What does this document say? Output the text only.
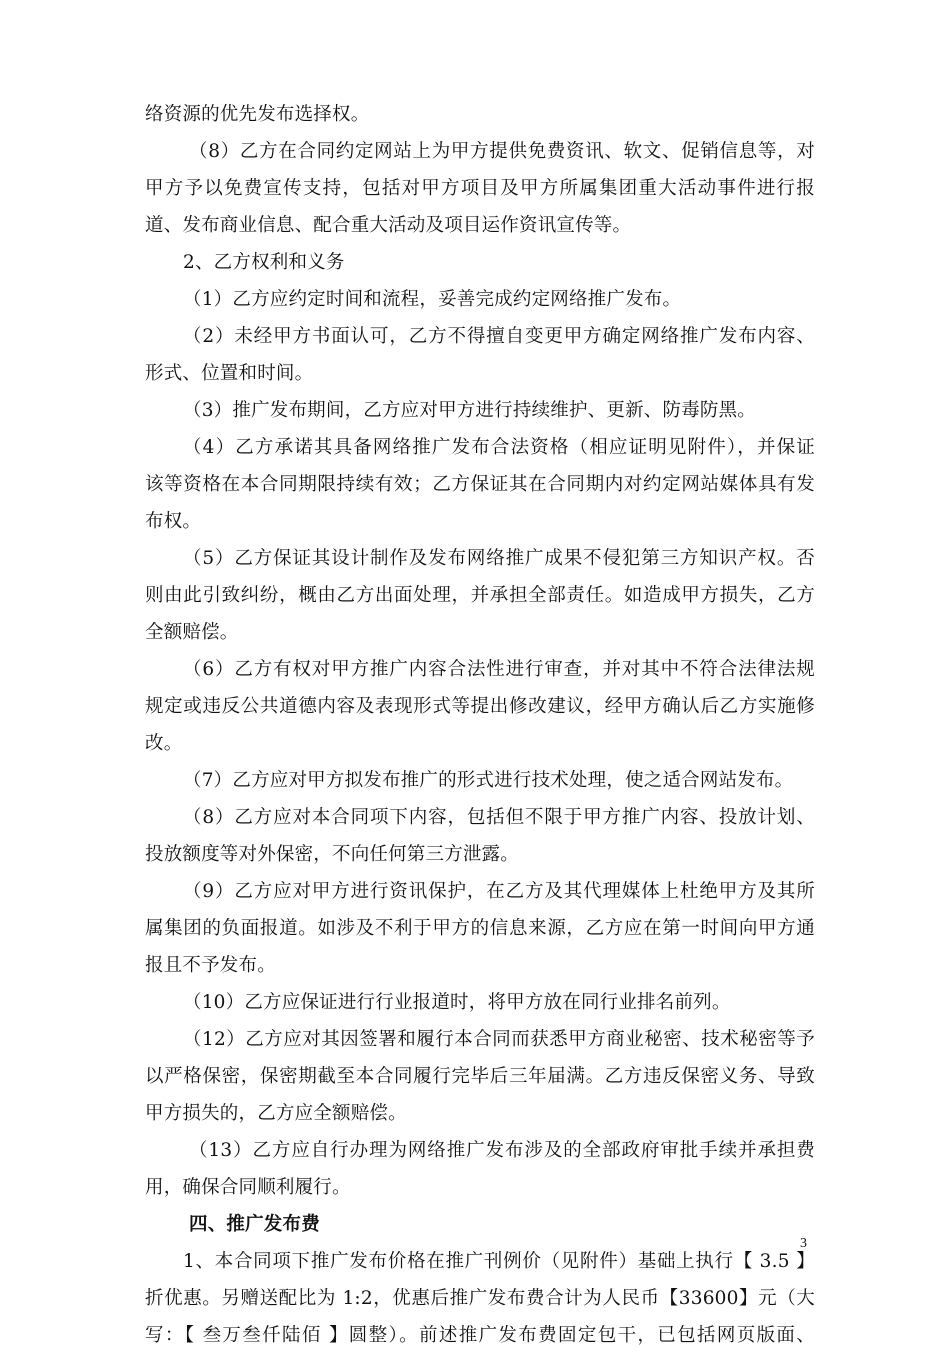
络资源的优先发布选择权。
（8）乙方在合同约定网站上为甲方提供免费资讯、软文、促销信息等，对
甲方予以免费宣传支持，包括对甲方项目及甲方所属集团重大活动事件进行报
道、发布商业信息、配合重大活动及项目运作资讯宣传等。
2、乙方权利和义务
（1）乙方应约定时间和流程，妥善完成约定网络推广发布。
（2）未经甲方书面认可，乙方不得擅自变更甲方确定网络推广发布内容、
形式、位置和时间。
（3）推广发布期间，乙方应对甲方进行持续维护、更新、防毒防黑。
（4）乙方承诺其具备网络推广发布合法资格（相应证明见附件），并保证
该等资格在本合同期限持续有效；乙方保证其在合同期内对约定网站媒体具有发
布权。
（5）乙方保证其设计制作及发布网络推广成果不侵犯第三方知识产权。否
则由此引致纠纷，概由乙方出面处理，并承担全部责任。如造成甲方损失，乙方
全额赔偿。
（6）乙方有权对甲方推广内容合法性进行审查，并对其中不符合法律法规
规定或违反公共道德内容及表现形式等提出修改建议，经甲方确认后乙方实施修
改。
（7）乙方应对甲方拟发布推广的形式进行技术处理，使之适合网站发布。
（8）乙方应对本合同项下内容，包括但不限于甲方推广内容、投放计划、
投放额度等对外保密，不向任何第三方泄露。
（9）乙方应对甲方进行资讯保护，在乙方及其代理媒体上杜绝甲方及其所
属集团的负面报道。如涉及不利于甲方的信息来源，乙方应在第一时间向甲方通
报且不予发布。
（10）乙方应保证进行行业报道时，将甲方放在同行业排名前列。
（12）乙方应对其因签署和履行本合同而获悉甲方商业秘密、技术秘密等予
以严格保密，保密期截至本合同履行完毕后三年届满。乙方违反保密义务、导致
甲方损失的，乙方应全额赔偿。
（13）乙方应自行办理为网络推广发布涉及的全部政府审批手续并承担费
用，确保合同顺利履行。
四、推广发布费
1、本合同项下推广发布价格在推广刊例价（见附件）基础上执行【 3.5 】
折优惠。另赠送配比为 1:2，优惠后推广发布费合计为人民币【33600】元（大
写：【 叁万叁仟陆佰 】圆整）。前述推广发布费固定包干，已包括网页版面、
3
